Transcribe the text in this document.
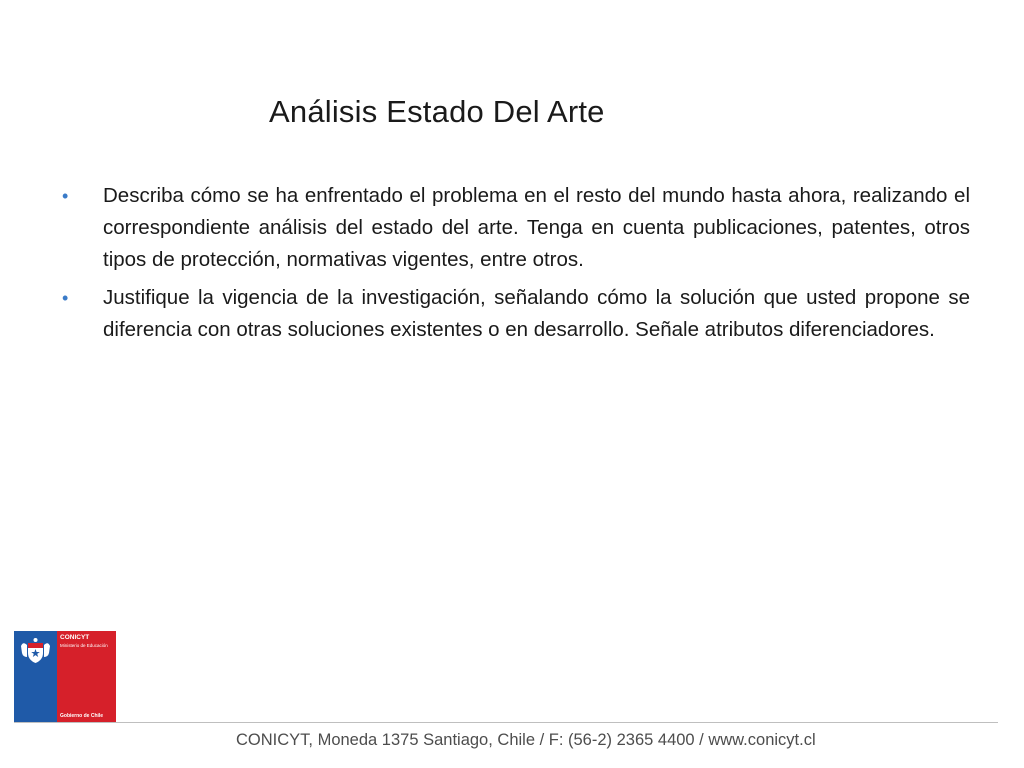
Análisis Estado Del Arte
• Describa cómo se ha enfrentado el problema en el resto del mundo hasta ahora, realizando el correspondiente análisis del estado del arte. Tenga en cuenta publicaciones, patentes, otros tipos de protección, normativas vigentes, entre otros.
• Justifique la vigencia de la investigación, señalando cómo la solución que usted propone se diferencia con otras soluciones existentes o en desarrollo. Señale atributos diferenciadores.
CONICYT
Ministerio de Educación
Gobierno de Chile
CONICYT, Moneda 1375 Santiago, Chile / F: (56-2) 2365 4400 / www.conicyt.cl
